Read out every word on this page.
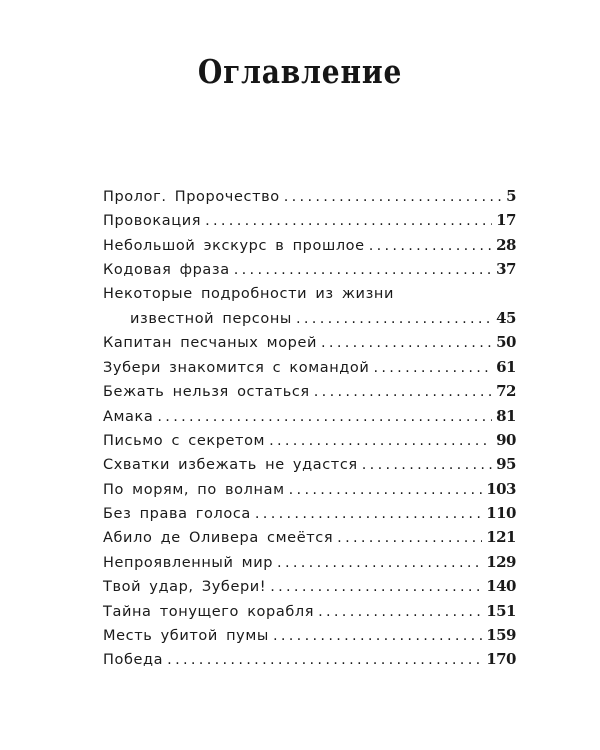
Оглавление
Пролог. Пророчество .....	5
Провокация .....	17
Небольшой экскурс в прошлое .....	28
Кодовая фраза .....	37
Некоторые подробности из жизни
известной персоны .....	45
Капитан песчаных морей .....	50
Зубери знакомится с командой .....	61
Бежать нельзя остаться .....	72
Амака .....	81
Письмо с секретом .....	90
Схватки избежать не удастся .....	95
По морям, по волнам .....	103
Без права голоса .....	110
Абило де Оливера смеётся .....	121
Непроявленный мир .....	129
Твой удар, Зубери! .....	140
Тайна тонущего корабля .....	151
Месть убитой пумы .....	159
Победа .....	170
